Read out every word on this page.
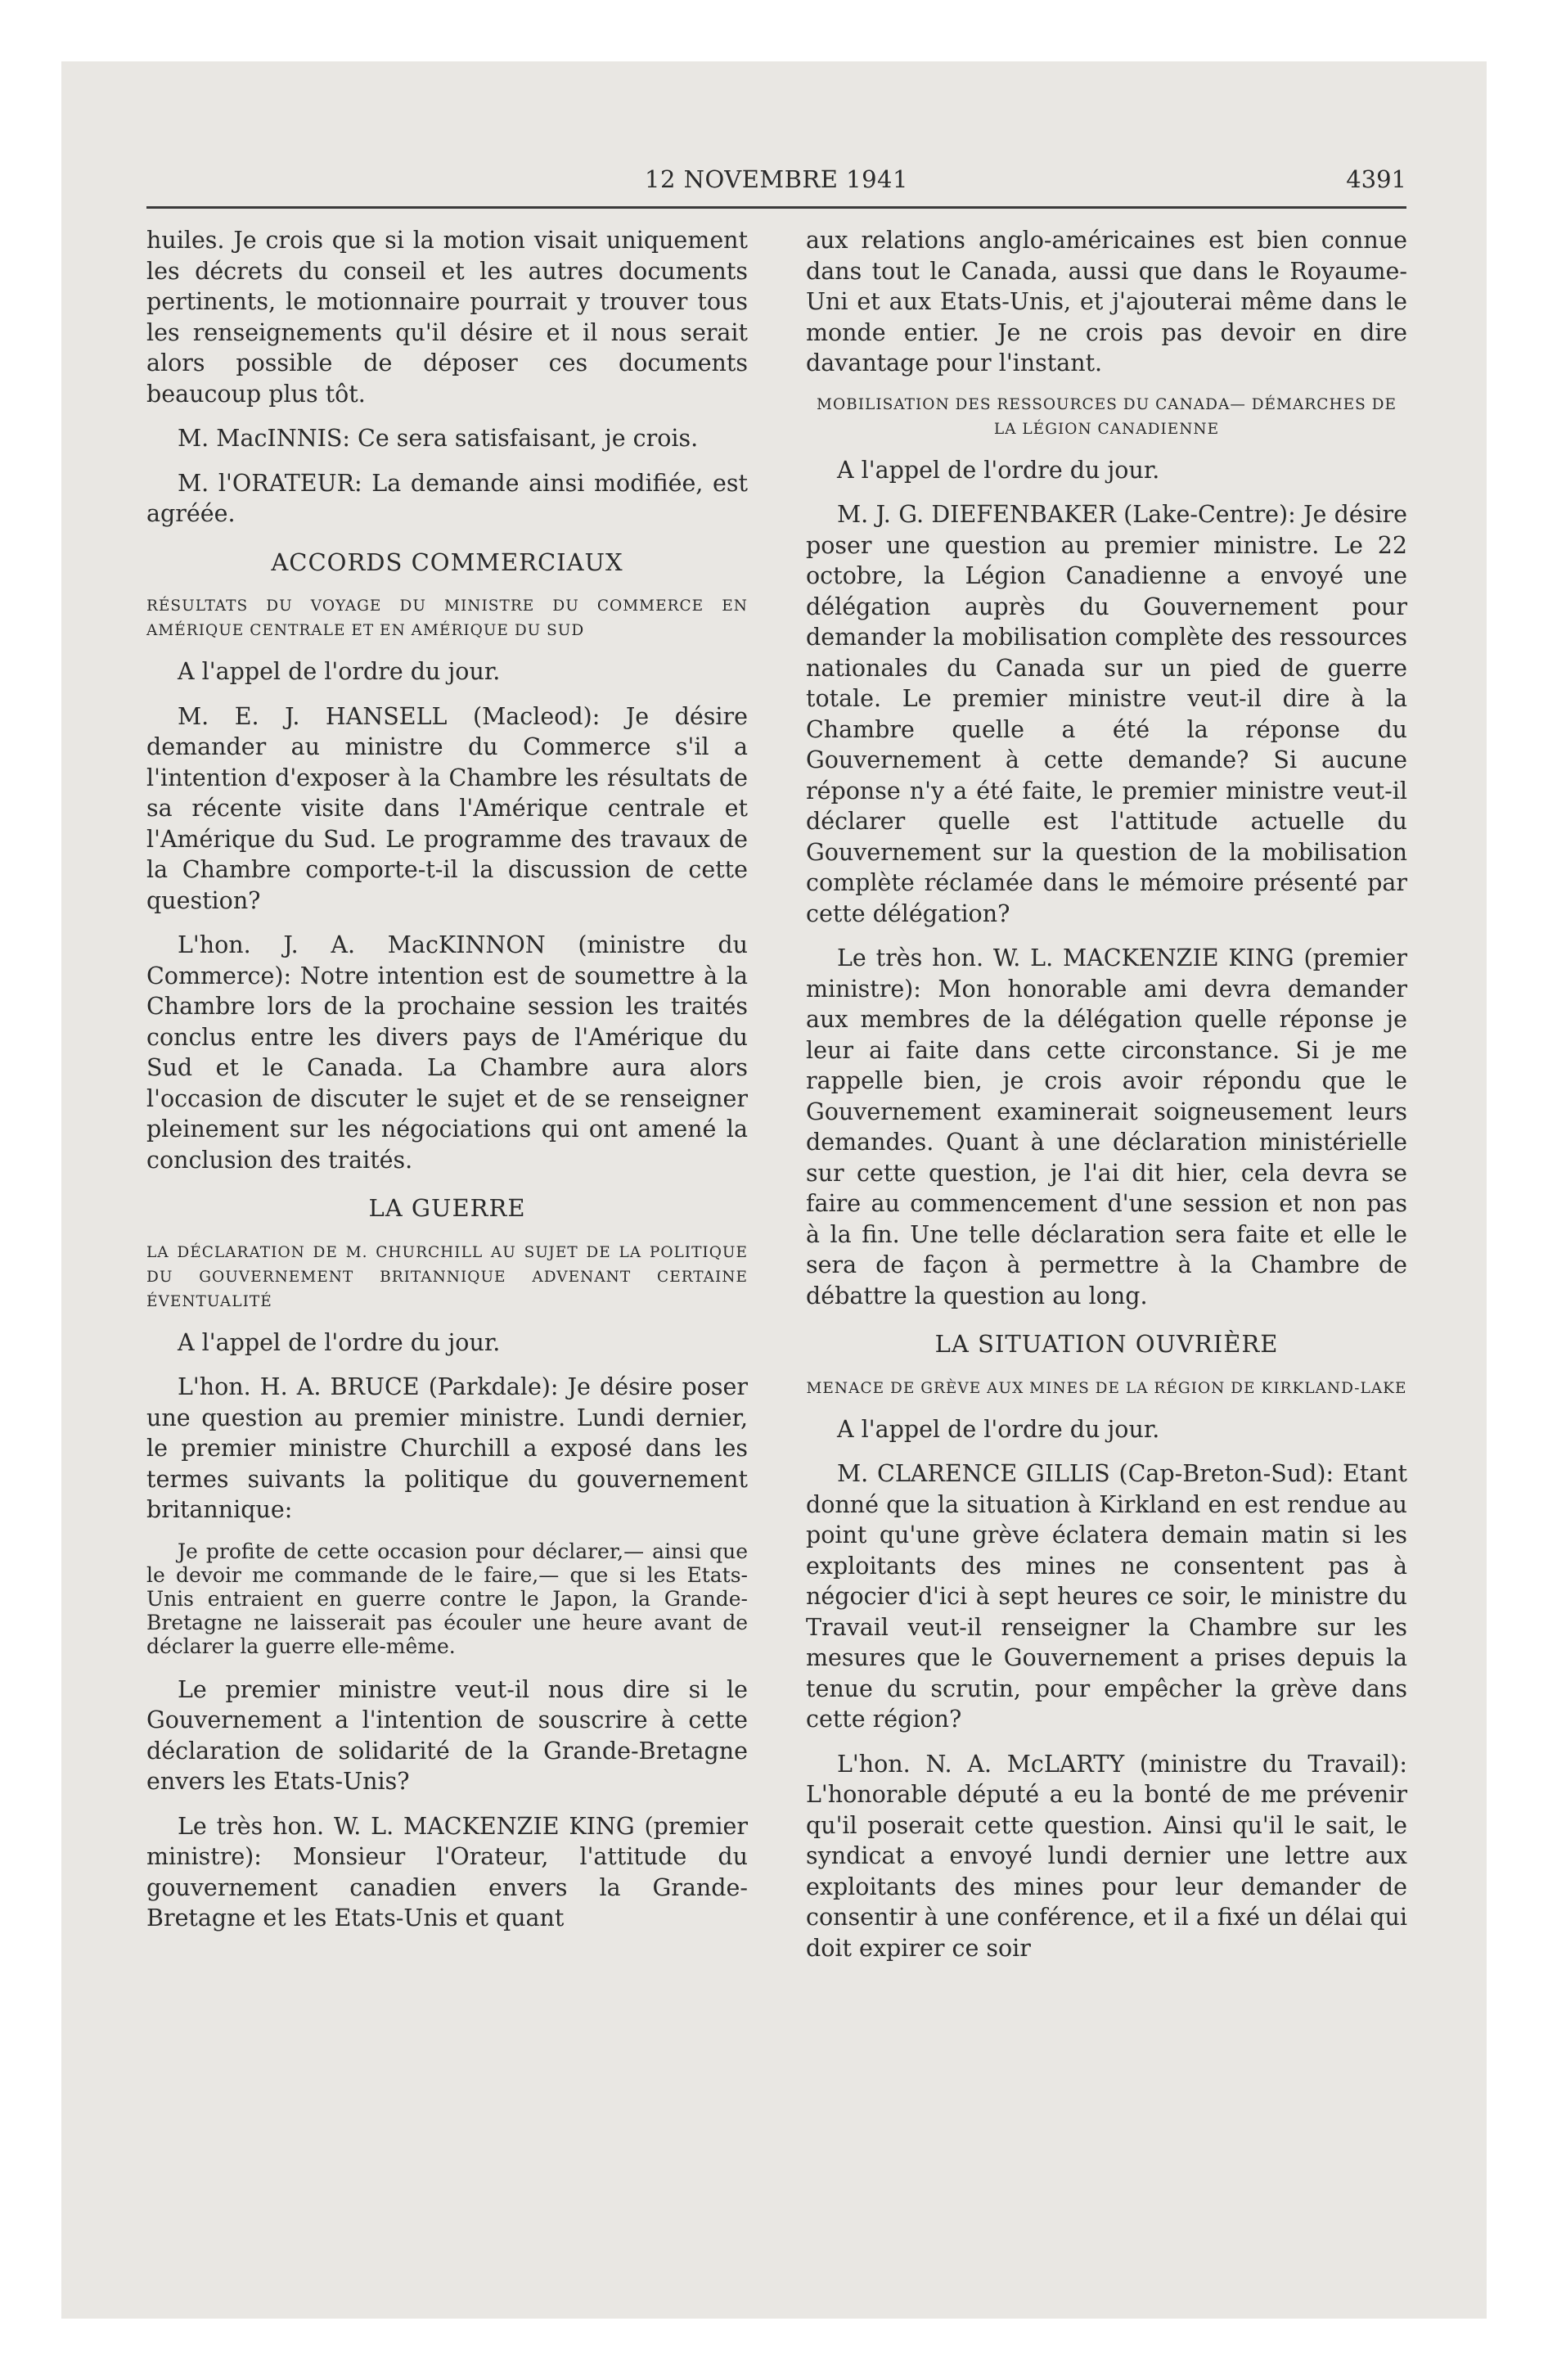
12 NOVEMBRE 1941	4391

huiles. Je crois que si la motion visait uniquement les décrets du conseil et les autres documents pertinents, le motionnaire pourrait y trouver tous les renseignements qu'il désire et il nous serait alors possible de déposer ces documents beaucoup plus tôt.

M. MacINNIS: Ce sera satisfaisant, je crois.

M. l'ORATEUR: La demande ainsi modifiée, est agréée.

ACCORDS COMMERCIAUX
RÉSULTATS DU VOYAGE DU MINISTRE DU COMMERCE EN AMÉRIQUE CENTRALE ET EN AMÉRIQUE DU SUD

A l'appel de l'ordre du jour.

M. E. J. HANSELL (Macleod): Je désire demander au ministre du Commerce s'il a l'intention d'exposer à la Chambre les résultats de sa récente visite dans l'Amérique centrale et l'Amérique du Sud. Le programme des travaux de la Chambre comporte-t-il la discussion de cette question?

L'hon. J. A. MacKINNON (ministre du Commerce): Notre intention est de soumettre à la Chambre lors de la prochaine session les traités conclus entre les divers pays de l'Amérique du Sud et le Canada. La Chambre aura alors l'occasion de discuter le sujet et de se renseigner pleinement sur les négociations qui ont amené la conclusion des traités.

LA GUERRE
LA DÉCLARATION DE M. CHURCHILL AU SUJET DE LA POLITIQUE DU GOUVERNEMENT BRITANNIQUE ADVENANT CERTAINE ÉVENTUALITÉ

A l'appel de l'ordre du jour.

L'hon. H. A. BRUCE (Parkdale): Je désire poser une question au premier ministre. Lundi dernier, le premier ministre Churchill a exposé dans les termes suivants la politique du gouvernement britannique:

Je profite de cette occasion pour déclarer,— ainsi que le devoir me commande de le faire,— que si les Etats-Unis entraient en guerre contre le Japon, la Grande-Bretagne ne laisserait pas écouler une heure avant de déclarer la guerre elle-même.

Le premier ministre veut-il nous dire si le Gouvernement a l'intention de souscrire à cette déclaration de solidarité de la Grande-Bretagne envers les Etats-Unis?

Le très hon. W. L. MACKENZIE KING (premier ministre): Monsieur l'Orateur, l'attitude du gouvernement canadien envers la Grande-Bretagne et les Etats-Unis et quant

aux relations anglo-américaines est bien connue dans tout le Canada, aussi que dans le Royaume-Uni et aux Etats-Unis, et j'ajouterai même dans le monde entier. Je ne crois pas devoir en dire davantage pour l'instant.

MOBILISATION DES RESSOURCES DU CANADA— DÉMARCHES DE LA LÉGION CANADIENNE

A l'appel de l'ordre du jour.

M. J. G. DIEFENBAKER (Lake-Centre): Je désire poser une question au premier ministre. Le 22 octobre, la Légion Canadienne a envoyé une délégation auprès du Gouvernement pour demander la mobilisation complète des ressources nationales du Canada sur un pied de guerre totale. Le premier ministre veut-il dire à la Chambre quelle a été la réponse du Gouvernement à cette demande? Si aucune réponse n'y a été faite, le premier ministre veut-il déclarer quelle est l'attitude actuelle du Gouvernement sur la question de la mobilisation complète réclamée dans le mémoire présenté par cette délégation?

Le très hon. W. L. MACKENZIE KING (premier ministre): Mon honorable ami devra demander aux membres de la délégation quelle réponse je leur ai faite dans cette circonstance. Si je me rappelle bien, je crois avoir répondu que le Gouvernement examinerait soigneusement leurs demandes. Quant à une déclaration ministérielle sur cette question, je l'ai dit hier, cela devra se faire au commencement d'une session et non pas à la fin. Une telle déclaration sera faite et elle le sera de façon à permettre à la Chambre de débattre la question au long.

LA SITUATION OUVRIÈRE
MENACE DE GRÈVE AUX MINES DE LA RÉGION DE KIRKLAND-LAKE

A l'appel de l'ordre du jour.

M. CLARENCE GILLIS (Cap-Breton-Sud): Etant donné que la situation à Kirkland en est rendue au point qu'une grève éclatera demain matin si les exploitants des mines ne consentent pas à négocier d'ici à sept heures ce soir, le ministre du Travail veut-il renseigner la Chambre sur les mesures que le Gouvernement a prises depuis la tenue du scrutin, pour empêcher la grève dans cette région?

L'hon. N. A. McLARTY (ministre du Travail): L'honorable député a eu la bonté de me prévenir qu'il poserait cette question. Ainsi qu'il le sait, le syndicat a envoyé lundi dernier une lettre aux exploitants des mines pour leur demander de consentir à une conférence, et il a fixé un délai qui doit expirer ce soir
